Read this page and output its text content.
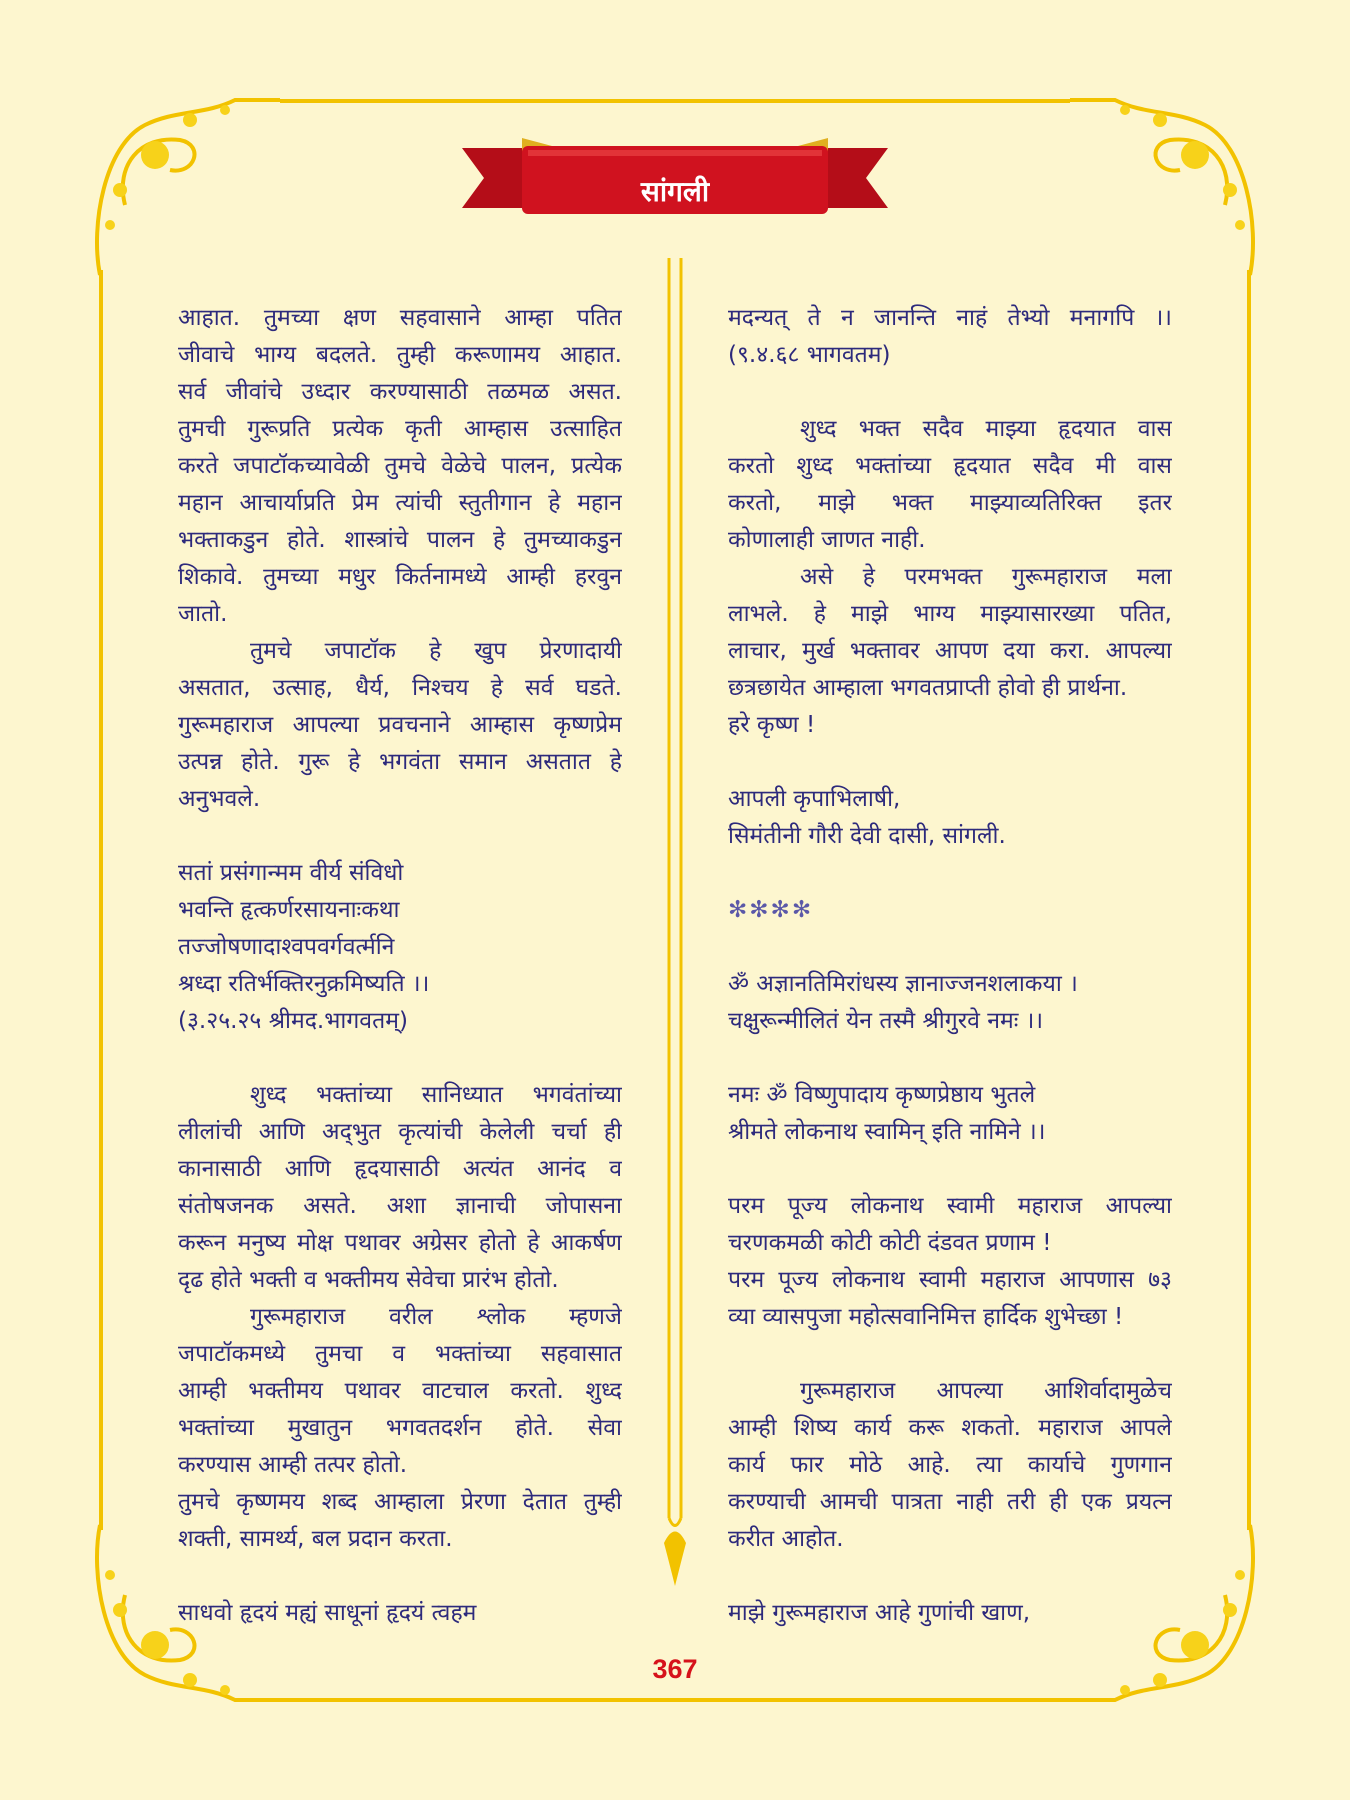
सांगली
आहात. तुमच्या क्षण सहवासाने आम्हा पतित
जीवाचे भाग्य बदलते. तुम्ही करूणामय आहात.
सर्व जीवांचे उध्दार करण्यासाठी तळमळ असत.
तुमची गुरूप्रति प्रत्येक कृती आम्हास उत्साहित
करते जपाटॉकच्यावेळी तुमचे वेळेचे पालन, प्रत्येक
महान आचार्याप्रति प्रेम त्यांची स्तुतीगान हे महान
भक्ताकडुन होते. शास्त्रांचे पालन हे तुमच्याकडुन
शिकावे. तुमच्या मधुर किर्तनामध्ये आम्ही हरवुन
जातो.
तुमचे जपाटॉक हे खुप प्रेरणादायी
असतात, उत्साह, धैर्य, निश्चय हे सर्व घडते.
गुरूमहाराज आपल्या प्रवचनाने आम्हास कृष्णप्रेम
उत्पन्न होते. गुरू हे भगवंता समान असतात हे
अनुभवले.
सतां प्रसंगान्मम वीर्य संविधो
भवन्ति हृत्कर्णरसायनाःकथा
तज्जोषणादाश्वपवर्गवर्त्मनि
श्रध्दा रतिर्भक्तिरनुक्रमिष्यति ।।
(३.२५.२५ श्रीमद.भागवतम्)
शुध्द भक्तांच्या सानिध्यात भगवंतांच्या
लीलांची आणि अद्‌भुत कृत्यांची केलेली चर्चा ही
कानासाठी आणि हृदयासाठी अत्यंत आनंद व
संतोषजनक असते. अशा ज्ञानाची जोपासना
करून मनुष्य मोक्ष पथावर अग्रेसर होतो हे आकर्षण
दृढ होते भक्ती व भक्तीमय सेवेचा प्रारंभ होतो.
गुरूमहाराज वरील श्लोक म्हणजे
जपाटॉकमध्ये तुमचा व भक्तांच्या सहवासात
आम्ही भक्तीमय पथावर वाटचाल करतो. शुध्द
भक्तांच्या मुखातुन भगवतदर्शन होते. सेवा
करण्यास आम्ही तत्पर होतो.
तुमचे कृष्णमय शब्द आम्हाला प्रेरणा देतात तुम्ही
शक्ती, सामर्थ्य, बल प्रदान करता.
साधवो हृदयं मह्यं साधूनां हृदयं त्वहम
मदन्यत् ते न जानन्ति नाहं तेभ्यो मनागपि ।।
(९.४.६८ भागवतम)
शुध्द भक्त सदैव माझ्या हृदयात वास
करतो शुध्द भक्तांच्या हृदयात सदैव मी वास
करतो, माझे भक्त माझ्याव्यतिरिक्त इतर
कोणालाही जाणत नाही.
असे हे परमभक्त गुरूमहाराज मला
लाभले. हे माझे भाग्य माझ्यासारख्या पतित,
लाचार, मुर्ख भक्तावर आपण दया करा. आपल्या
छत्रछायेत आम्हाला भगवतप्राप्ती होवो ही प्रार्थना.
हरे कृष्ण !
आपली कृपाभिलाषी,
सिमंतीनी गौरी देवी दासी, सांगली.
✻✻✻✻
ॐ अज्ञानतिमिरांधस्य ज्ञानाज्जनशलाकया ।
चक्षुरून्मीलितं येन तस्मै श्रीगुरवे नमः ।।
नमः ॐ विष्णुपादाय कृष्णप्रेष्ठाय भुतले
श्रीमते लोकनाथ स्वामिन् इति नामिने ।।
परम पूज्य लोकनाथ स्वामी महाराज आपल्या
चरणकमळी कोटी कोटी दंडवत प्रणाम !
परम पूज्य लोकनाथ स्वामी महाराज आपणास ७३
व्या व्यासपुजा महोत्सवानिमित्त हार्दिक शुभेच्छा !
गुरूमहाराज आपल्या आशिर्वादामुळेच
आम्ही शिष्य कार्य करू शकतो. महाराज आपले
कार्य फार मोठे आहे. त्या कार्याचे गुणगान
करण्याची आमची पात्रता नाही तरी ही एक प्रयत्न
करीत आहोत.
माझे गुरूमहाराज आहे गुणांची खाण,
367
